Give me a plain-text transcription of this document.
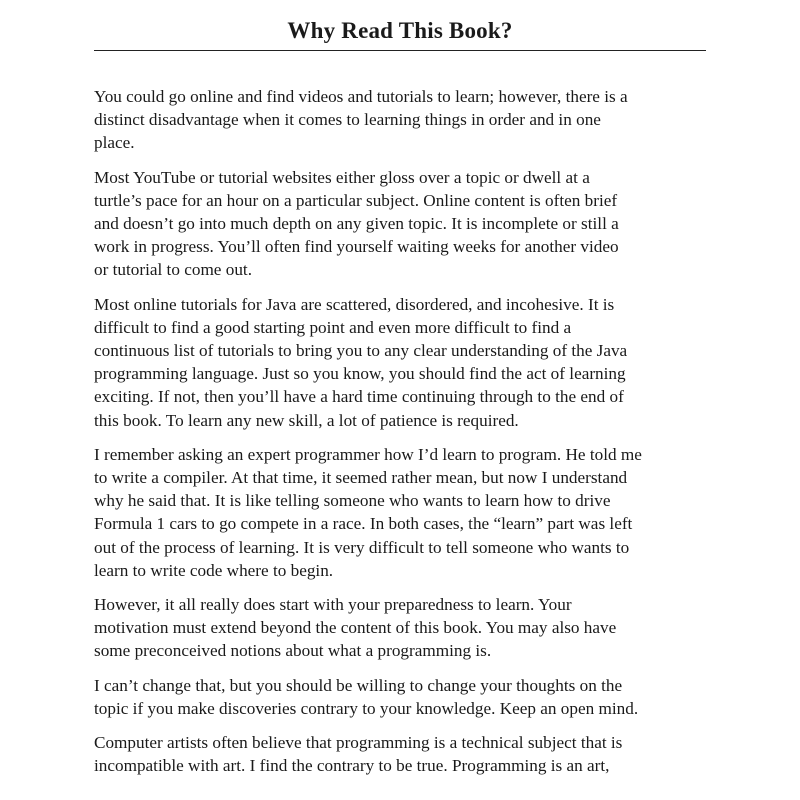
Why Read This Book?

You could go online and find videos and tutorials to learn; however, there is a
distinct disadvantage when it comes to learning things in order and in one
place.

Most YouTube or tutorial websites either gloss over a topic or dwell at a
turtle’s pace for an hour on a particular subject. Online content is often brief
and doesn’t go into much depth on any given topic. It is incomplete or still a
work in progress. You’ll often find yourself waiting weeks for another video
or tutorial to come out.

Most online tutorials for Java are scattered, disordered, and incohesive. It is
difficult to find a good starting point and even more difficult to find a
continuous list of tutorials to bring you to any clear understanding of the Java
programming language. Just so you know, you should find the act of learning
exciting. If not, then you’ll have a hard time continuing through to the end of
this book. To learn any new skill, a lot of patience is required.

I remember asking an expert programmer how I’d learn to program. He told me
to write a compiler. At that time, it seemed rather mean, but now I understand
why he said that. It is like telling someone who wants to learn how to drive
Formula 1 cars to go compete in a race. In both cases, the “learn” part was left
out of the process of learning. It is very difficult to tell someone who wants to
learn to write code where to begin.

However, it all really does start with your preparedness to learn. Your
motivation must extend beyond the content of this book. You may also have
some preconceived notions about what a programming is.

I can’t change that, but you should be willing to change your thoughts on the
topic if you make discoveries contrary to your knowledge. Keep an open mind.

Computer artists often believe that programming is a technical subject that is
incompatible with art. I find the contrary to be true. Programming is an art,
